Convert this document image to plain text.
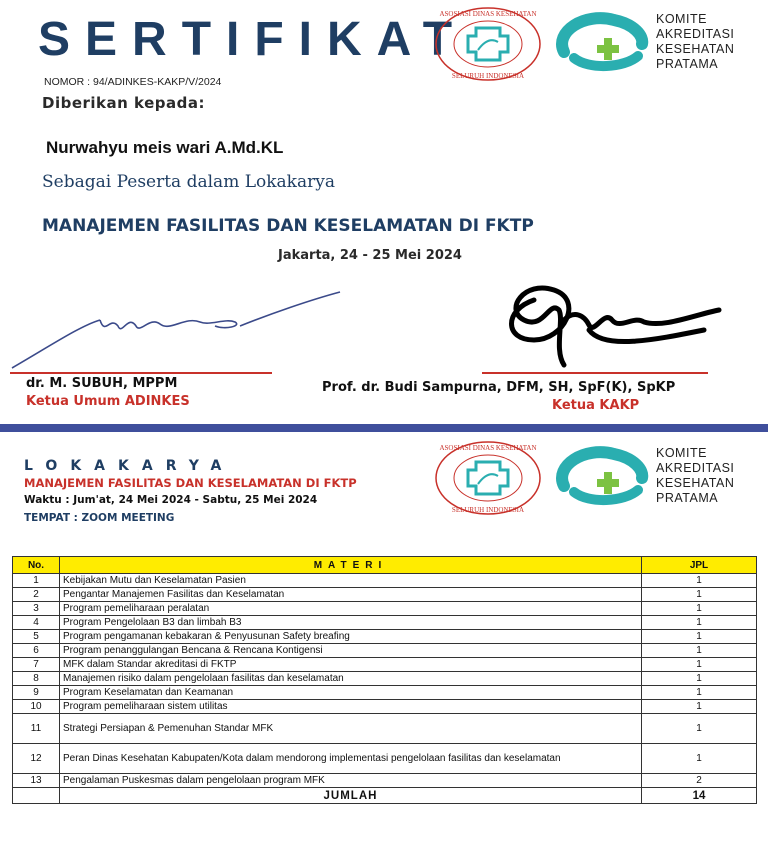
SERTIFIKAT
NOMOR : 94/ADINKES-KAKP/V/2024
Diberikan kepada:
Nurwahyu meis wari A.Md.KL
Sebagai Peserta dalam Lokakarya
MANAJEMEN FASILITAS DAN KESELAMATAN DI FKTP
Jakarta, 24 - 25 Mei 2024
ASOSIASI DINAS KESEHATAN
SELURUH INDONESIA
KOMITE
AKREDITASI
KESEHATAN
PRATAMA
dr. M. SUBUH, MPPM
Ketua Umum ADINKES
Prof. dr. Budi Sampurna, DFM, SH, SpF(K), SpKP
Ketua KAKP
LOKAKARYA
MANAJEMEN FASILITAS DAN KESELAMATAN DI FKTP
Waktu : Jum'at, 24 Mei 2024 - Sabtu, 25 Mei 2024
TEMPAT : ZOOM MEETING
ASOSIASI DINAS KESEHATAN
SELURUH INDONESIA
KOMITE
AKREDITASI
KESEHATAN
PRATAMA
No.	MATERI	JPL
1	Kebijakan Mutu dan Keselamatan Pasien	1
2	Pengantar Manajemen Fasilitas dan Keselamatan	1
3	Program pemeliharaan peralatan	1
4	Program Pengelolaan B3 dan limbah B3	1
5	Program pengamanan kebakaran & Penyusunan Safety breafing	1
6	Program penanggulangan Bencana & Rencana Kontigensi	1
7	MFK dalam Standar akreditasi di FKTP	1
8	Manajemen risiko dalam pengelolaan fasilitas dan keselamatan	1
9	Program Keselamatan dan Keamanan	1
10	Program pemeliharaan sistem utilitas	1
11	Strategi Persiapan & Pemenuhan Standar MFK	1
12	Peran Dinas Kesehatan Kabupaten/Kota dalam mendorong implementasi pengelolaan fasilitas dan keselamatan	1
13	Pengalaman Puskesmas dalam pengelolaan program MFK	2
	JUMLAH	14
